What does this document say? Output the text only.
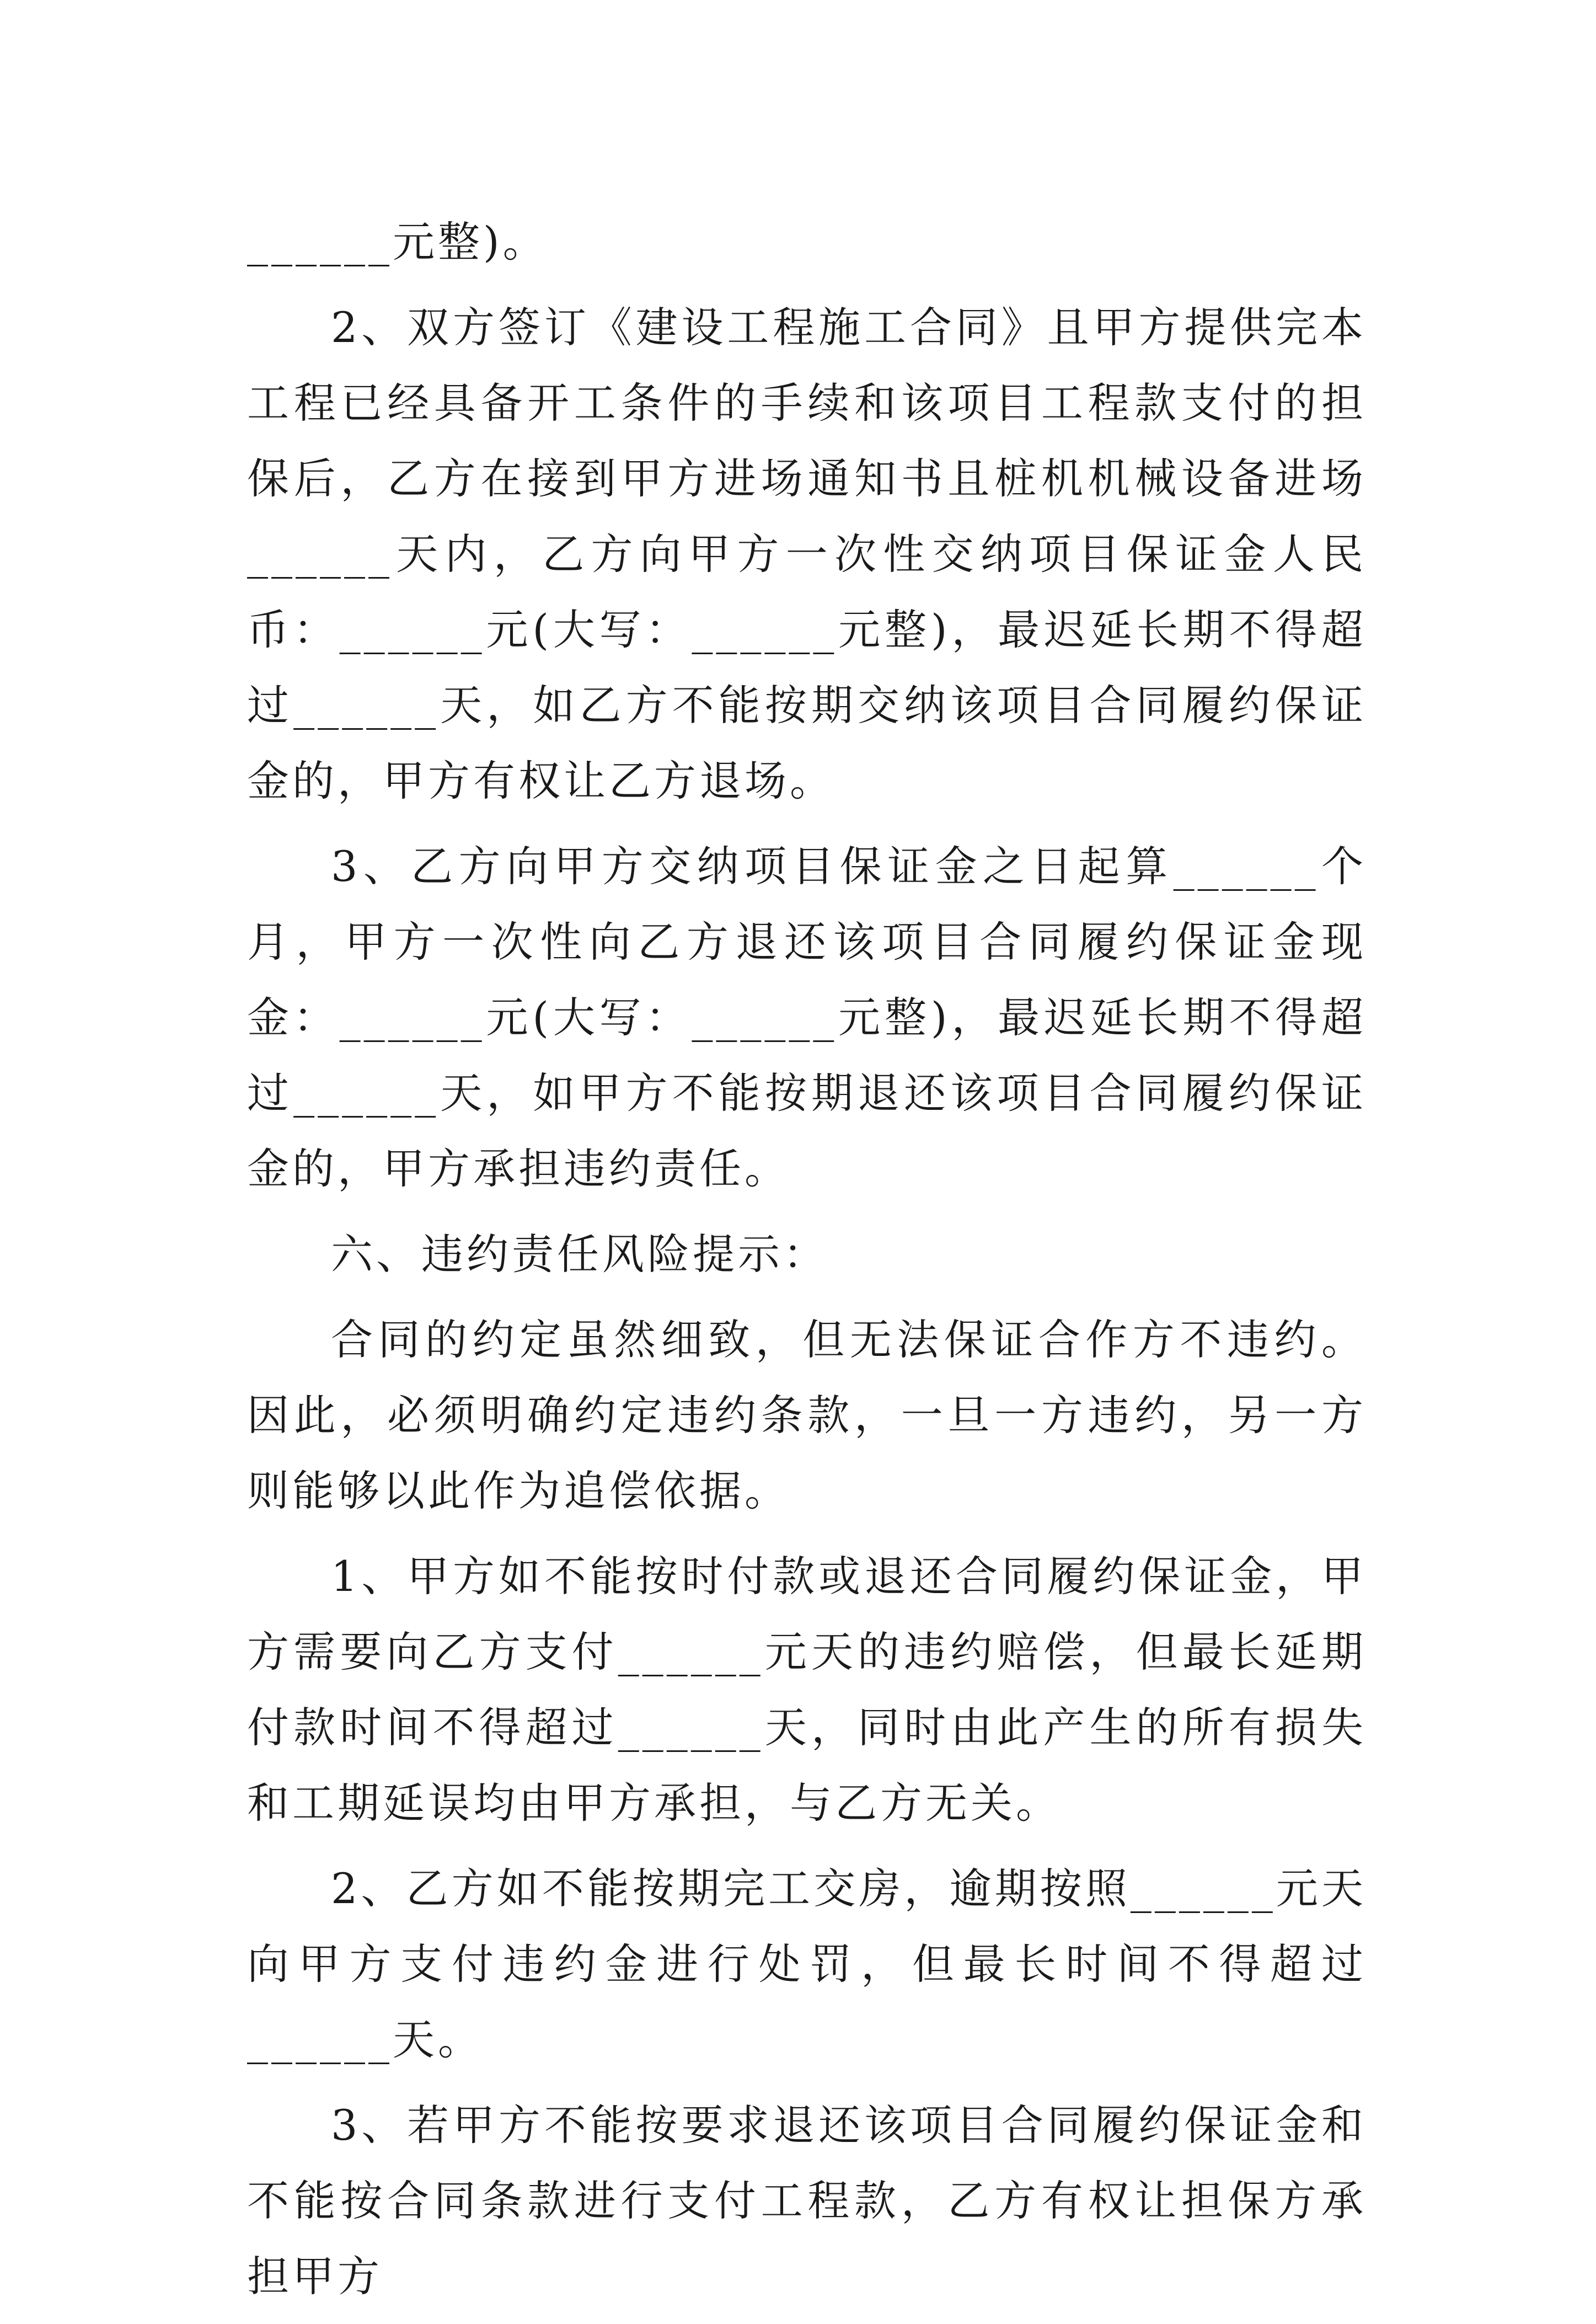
______元整)。

2、双方签订《建设工程施工合同》且甲方提供完本工程已经具备开工条件的手续和该项目工程款支付的担保后，乙方在接到甲方进场通知书且桩机机械设备进场______天内，乙方向甲方一次性交纳项目保证金人民币：______元(大写：______元整)，最迟延长期不得超过______天，如乙方不能按期交纳该项目合同履约保证金的，甲方有权让乙方退场。

3、乙方向甲方交纳项目保证金之日起算______个月，甲方一次性向乙方退还该项目合同履约保证金现金：______元(大写：______元整)，最迟延长期不得超过______天，如甲方不能按期退还该项目合同履约保证金的，甲方承担违约责任。

六、违约责任风险提示：

合同的约定虽然细致，但无法保证合作方不违约。因此，必须明确约定违约条款，一旦一方违约，另一方则能够以此作为追偿依据。

1、甲方如不能按时付款或退还合同履约保证金，甲方需要向乙方支付______元天的违约赔偿，但最长延期付款时间不得超过______天，同时由此产生的所有损失和工期延误均由甲方承担，与乙方无关。

2、乙方如不能按期完工交房，逾期按照______元天向甲方支付违约金进行处罚，但最长时间不得超过______天。

3、若甲方不能按要求退还该项目合同履约保证金和不能按合同条款进行支付工程款，乙方有权让担保方承担甲方
